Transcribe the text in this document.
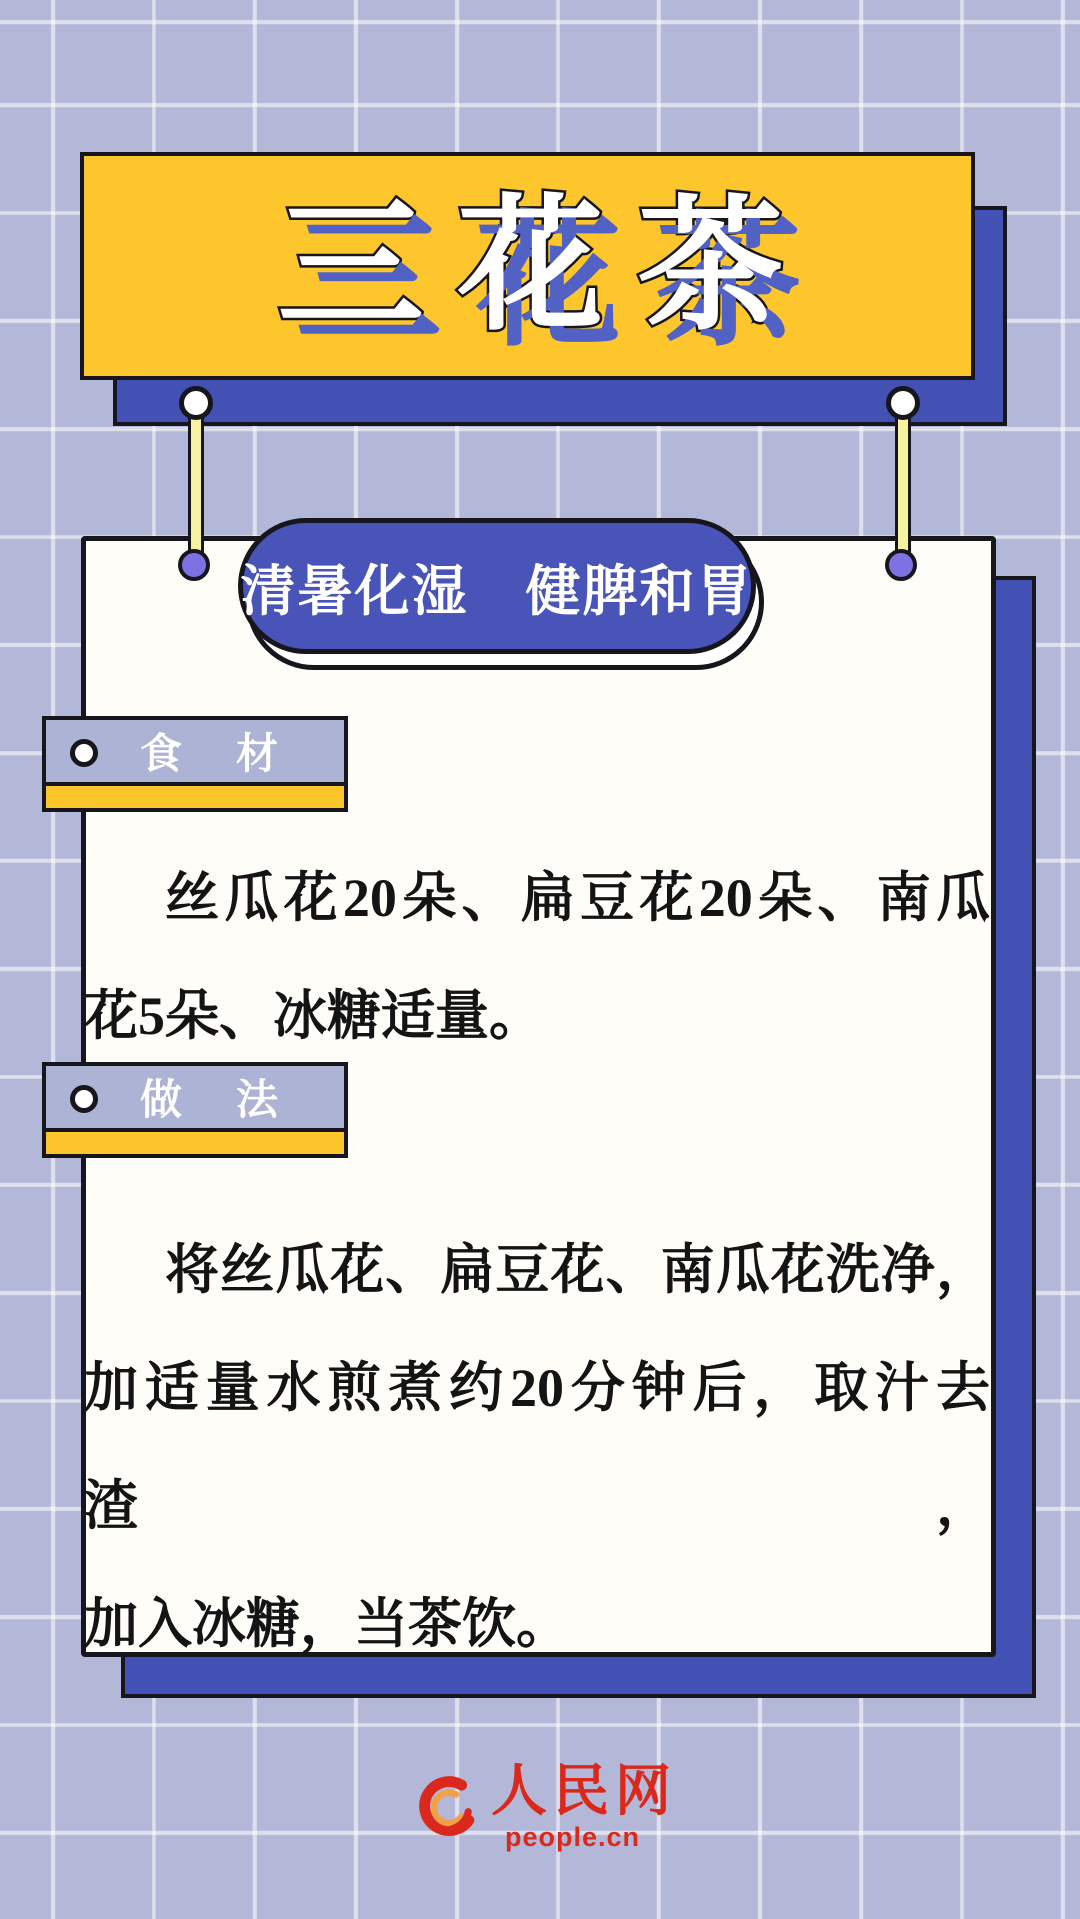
三花茶
清暑化湿　健脾和胃
食　材
丝瓜花20朵、扁豆花20朵、南瓜
花5朵、冰糖适量。
做　法
将丝瓜花、扁豆花、南瓜花洗净，
加适量水煎煮约20分钟后，取汁去渣，
加入冰糖，当茶饮。
人民网
people.cn
